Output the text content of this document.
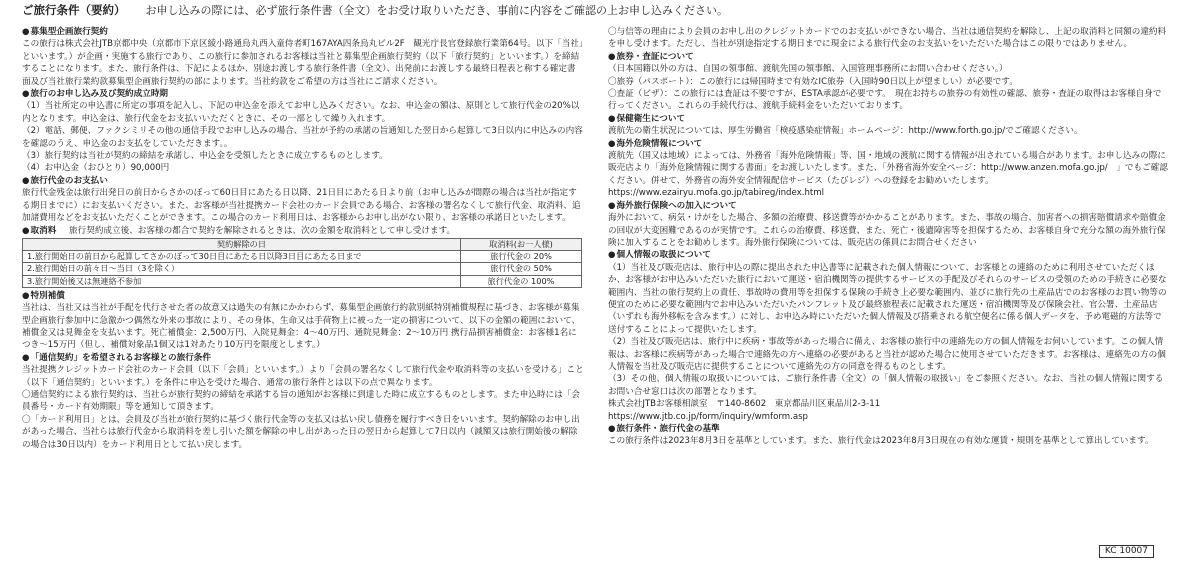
ご旅行条件（要約） お申し込みの際には、必ず旅行条件書（全文）をお受け取りいただき、事前に内容をご確認の上お申し込みください。

● 募集型企画旅行契約

この旅行は株式会社JTB京都中央（京都市下京区綾小路通烏丸西入童侍者町167AYA四条烏丸ビル2F　観光庁長官登録旅行業第64号。以下「当社」といいます。）が企画・実施する旅行であり、この旅行に参加されるお客様は当社と募集型企画旅行契約（以下「旅行契約」といいます。）を締結することになります。また、旅行条件は、下記によるほか、別途お渡しする旅行条件書（全文）、出発前にお渡しする最終日程表と称する確定書面及び当社旅行業約款募集型企画旅行契約の部によります。当社約款をご希望の方は当社にご請求ください。

● 旅行のお申し込み及び契約成立時期

（1）当社所定の申込書に所定の事項を記入し、下記の申込金を添えてお申し込みください。なお、申込金の額は、原則として旅行代金の20%以内となります。申込金は、旅行代金をお支払いいただくときに、その一部として繰り入れます。

（2）電話、郵便、ファクシミリその他の通信手段でお申し込みの場合、当社が予約の承諾の旨通知した翌日から起算して3日以内に申込みの内容を確認のうえ、申込金のお支払をしていただきます。。

（3）旅行契約は当社が契約の締結を承諾し、申込金を受領したときに成立するものとします。

（4）お申込金（おひとり）90,000円

● 旅行代金のお支払い

旅行代金残金は旅行出発日の前日からさかのぼって60日目にあたる日以降、21日目にあたる日より前（お申し込みが間際の場合は当社が指定する期日までに）にお支払いください。また、お客様が当社提携カード会社のカード会員である場合、お客様の署名なくして旅行代金、取消料、追加諸費用などをお支払いただくことができます。この場合のカード利用日は、お客様からお申し出がない限り、お客様の承諾日といたします。

● 取消料 旅行契約成立後、お客様の都合で契約を解除されるときは、次の金額を取消料として申し受けます。

契約解除の日	取消料(お一人様)
1.旅行開始日の前日から起算してさかのぼって30日目にあたる日以降3日目にあたる日まで	旅行代金の 20%
2.旅行開始日の前々日～当日（3を除く）	旅行代金の 50%
3.旅行開始後又は無連絡不参加	旅行代金の 100%

● 特別補償

当社は、当社又は当社が手配を代行させた者の故意又は過失の有無にかかわらず、募集型企画旅行約款別紙特別補償規程に基づき、お客様が募集型企画旅行参加中に急激かつ偶然な外来の事故により、その身体、生命又は手荷物上に被った一定の損害について、以下の金額の範囲において、補償金又は見舞金を支払います。死亡補償金：2,500万円、入院見舞金：4～40万円、通院見舞金：2～10万円 携行品損害補償金：お客様1名につき～15万円（但し、補償対象品1個又は1対あたり10万円を限度とします。）

● 「通信契約」を希望されるお客様との旅行条件

当社提携クレジットカード会社のカード会員（以下「会員」といいます。）より「会員の署名なくして旅行代金や取消料等の支払いを受ける」こと（以下「通信契約」といいます。）を条件に申込を受けた場合、通常の旅行条件とは以下の点で異なります。

〇通信契約による旅行契約は、当社らが旅行契約の締結を承諾する旨の通知がお客様に到達した時に成立するものとします。また申込時には「会員番号・カード有効期限」等を通知して頂きます。

〇「カード利用日」とは、会員及び当社が旅行契約に基づく旅行代金等の支払又は払い戻し債務を履行すべき日をいいます。契約解除のお申し出があった場合、当社らは旅行代金から取消料を差し引いた額を解除の申し出があった日の翌日から起算して7日以内（減額又は旅行開始後の解除の場合は30日以内）をカード利用日として払い戻します。

〇与信等の理由により会員のお申し出のクレジットカードでのお支払いができない場合、当社は通信契約を解除し、上記の取消料と同額の違約料を申し受けます。ただし、当社が別途指定する期日までに現金による旅行代金のお支払いをいただいた場合はこの限りではありません。

● 旅券・査証について

（日本国籍以外の方は、自国の領事館、渡航先国の領事館、入国管理事務所にお問い合わせください。）

〇旅券（パスポート）：この旅行には帰国時まで有効なIC旅券（入国時90日以上が望ましい）が必要です。

〇査証（ビザ）：この旅行には査証は不要ですが、ESTA承認が必要です。　現在お持ちの旅券の有効性の確認、旅券・査証の取得はお客様自身で行ってください。これらの手続代行は、渡航手続料金をいただいております。

● 保健衛生について

渡航先の衛生状況については、厚生労働省「検疫感染症情報」ホームページ：http://www.forth.go.jp/でご確認ください。

● 海外危険情報について

渡航先（国又は地域）によっては、外務省「海外危険情報」等、国・地域の渡航に関する情報が出されている場合があります。お申し込みの際に販売店より「海外危険情報に関する書面」をお渡しいたします。また、「外務省海外安全ページ：http://www.anzen.mofa.go.jp/　」でもご確認ください。併せて、外務省の海外安全情報配信サービス（たびレジ）への登録をお勧めいたします。https://www.ezairyu.mofa.go.jp/tabireg/index.html

● 海外旅行保険への加入について

海外において、病気・けがをした場合、多額の治療費、移送費等がかかることがあります。また、事故の場合、加害者への損害賠償請求や賠償金の回収が大変困難であるのが実情です。これらの治療費、移送費、また、死亡・後遺障害等を担保するため、お客様自身で充分な額の海外旅行保険に加入することをお勧めします。海外旅行保険については、販売店の係員にお問合せください

● 個人情報の取扱について

（1）当社及び販売店は、旅行申込の際に提出された申込書等に記載された個人情報について、お客様との連絡のために利用させていただくほか、お客様がお申込みいただいた旅行において運送・宿泊機関等の提供するサービスの手配及びそれらのサービスの受領のための手続きに必要な範囲内、当社の旅行契約上の責任、事故時の費用等を担保する保険の手続き上必要な範囲内、並びに旅行先の土産品店でのお客様のお買い物等の便宜のために必要な範囲内でお申込みいただいたパンフレット及び最終旅程表に記載された運送・宿泊機関等及び保険会社、官公署、土産品店（いずれも海外移転を含みます。）に対し、お申込み時にいただいた個人情報及び搭乗される航空便名に係る個人データを、予め電磁的方法等で送付することによって提供いたします。

（2）当社及び販売店は、旅行中に疾病・事故等があった場合に備え、お客様の旅行中の連絡先の方の個人情報をお伺いしています。この個人情報は、お客様に疾病等があった場合で連絡先の方へ連絡の必要があると当社が認めた場合に使用させていただきます。お客様は、連絡先の方の個人情報を当社及び販売店に提供することについて連絡先の方の同意を得るものとします。

（3）その他、個人情報の取扱いについては、ご旅行条件書（全文）の「個人情報の取扱い」をご参照ください。なお、当社の個人情報に関するお問い合せ窓口は次の部署となります。

株式会社JTBお客様相談室　〒140-8602　東京都品川区東品川2-3-11

https://www.jtb.co.jp/form/inquiry/wmform.asp

● 旅行条件・旅行代金の基準

この旅行条件は2023年8月3日を基準としています。また、旅行代金は2023年8月3日現在の有効な運賃・規則を基準として算出しています。

KC 10007
